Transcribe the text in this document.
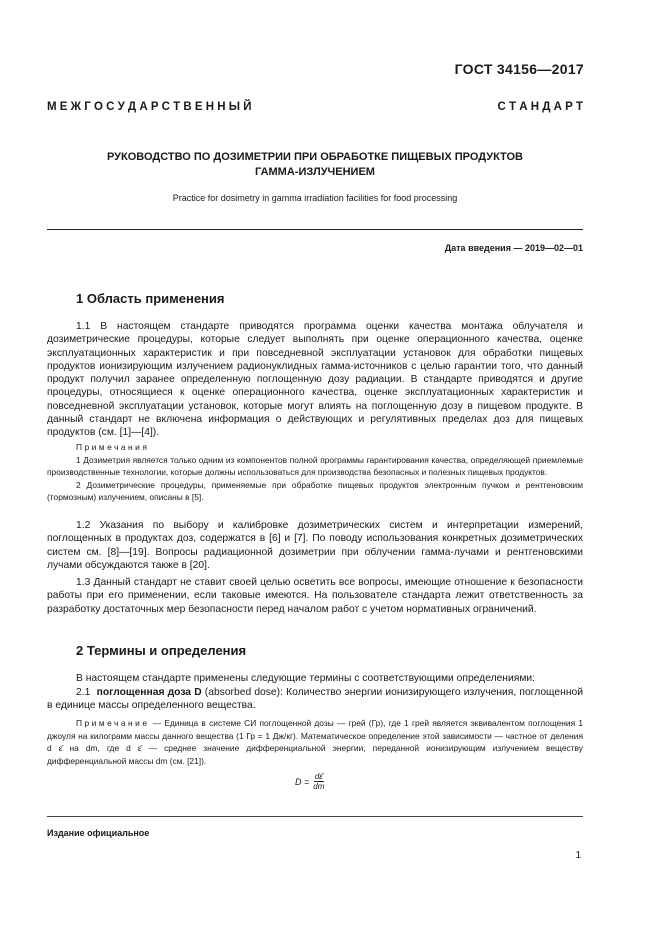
ГОСТ 34156—2017
М Е Ж Г О С У Д А Р С Т В Е Н Н Ы Й	С Т А Н Д А Р Т
РУКОВОДСТВО ПО ДОЗИМЕТРИИ ПРИ ОБРАБОТКЕ ПИЩЕВЫХ ПРОДУКТОВ
ГАММА-ИЗЛУЧЕНИЕМ
Practice for dosimetry in gamma irradiation facilities for food processing
Дата введения — 2019—02—01
1 Область применения

1.1 В настоящем стандарте приводятся программа оценки качества монтажа облучателя и дозиметрические процедуры, которые следует выполнять при оценке операционного качества, оценке эксплуатационных характеристик и при повседневной эксплуатации установок для обработки пищевых продуктов ионизирующим излучением радионуклидных гамма-источников с целью гарантии того, что данный продукт получил заранее определенную поглощенную дозу радиации. В стандарте приводятся и другие процедуры, относящиеся к оценке операционного качества, оценке эксплуатационных характеристик и повседневной эксплуатации установок, которые могут влиять на поглощенную дозу в пищевом продукте. В данный стандарт не включена информация о действующих и регулятивных пределах доз для пищевых продуктов (см. [1]—[4]).

Примечания

1 Дозиметрия является только одним из компонентов полной программы гарантирования качества, определяющей приемлемые производственные технологии, которые должны использоваться для производства безопасных и полезных пищевых продуктов.

2 Дозиметрические процедуры, применяемые при обработке пищевых продуктов электронным пучком и рентгеновским (тормозным) излучением, описаны в [5].

1.2 Указания по выбору и калибровке дозиметрических систем и интерпретации измерений, поглощенных в продуктах доз, содержатся в [6] и [7]. По поводу использования конкретных дозиметрических систем см. [8]—[19]. Вопросы радиационной дозиметрии при облучении гамма-лучами и рентгеновскими лучами обсуждаются также в [20].

1.3 Данный стандарт не ставит своей целью осветить все вопросы, имеющие отношение к безопасности работы при его применении, если таковые имеются. На пользователе стандарта лежит ответственность за разработку достаточных мер безопасности перед началом работ с учетом нормативных ограничений.

2 Термины и определения

В настоящем стандарте применены следующие термины с соответствующими определениями:

2.1 поглощенная доза D (absorbed dose): Количество энергии ионизирующего излучения, поглощенной в единице массы определенного вещества.

Примечание — Единица в системе СИ поглощенной дозы — грей (Гр), где 1 грей является эквивалентом поглощения 1 джоуля на килограмм массы данного вещества (1 Гр = 1 Дж/кг). Математическое определение этой зависимости — частное от деления d ε̄ на dm, где d ε̄ — среднее значение дифференциальной энергии, переданной ионизирующим излучением веществу дифференциальной массы dm (см. [21]).

$D = \frac{d\varepsilon̄}{dm}$
Издание официальное
1
